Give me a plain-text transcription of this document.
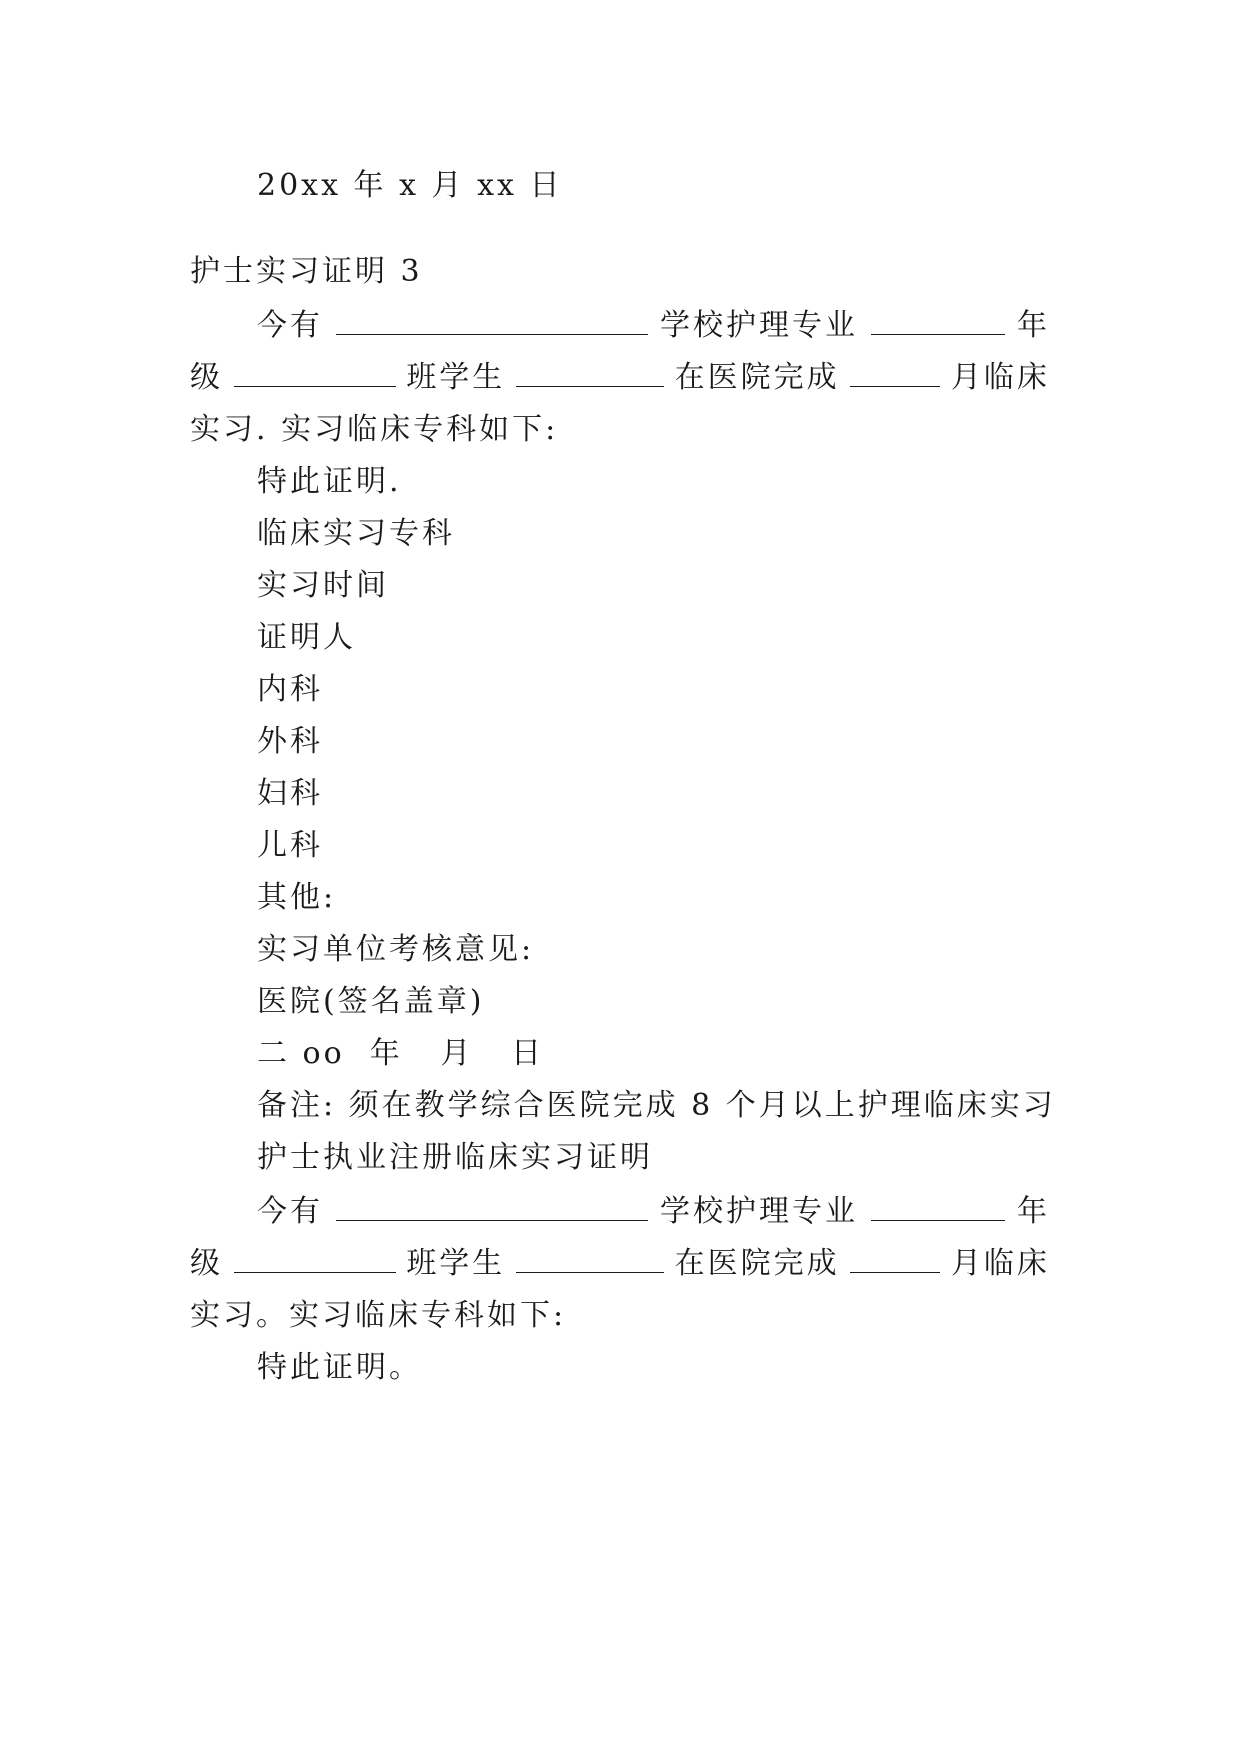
20xx 年 x 月 xx 日
护士实习证明 3
今有	学校护理专业	年
级	班学生	在医院完成	月临床
实习. 实习临床专科如下:
特此证明.
临床实习专科
实习时间
证明人
内科
外科
妇科
儿科
其他:
实习单位考核意见:
医院(签名盖章)
二 oo  年   月   日
备注: 须在教学综合医院完成 8 个月以上护理临床实习
护士执业注册临床实习证明
今有	学校护理专业	年
级	班学生	在医院完成	月临床
实习。实习临床专科如下:
特此证明。
